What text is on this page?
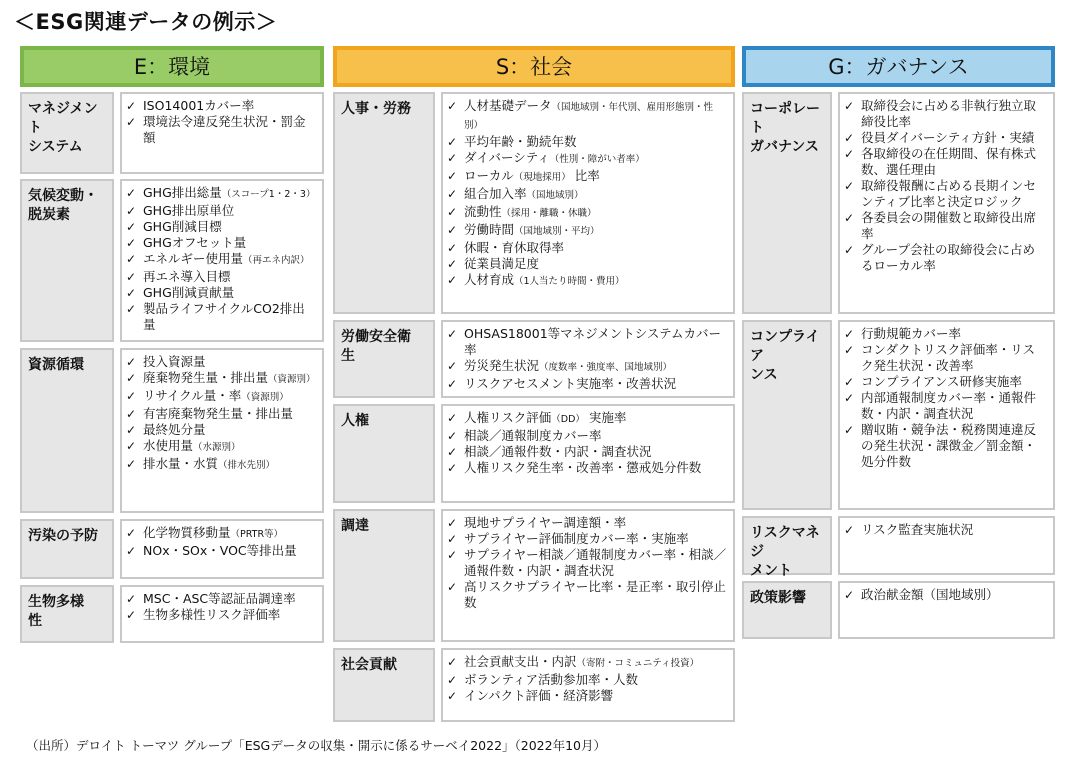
＜ESG関連データの例示＞
E：環境	S：社会	G：ガバナンス
マネジメント
システム
✓ ISO14001カバー率
✓ 環境法令違反発生状況・罰金額
気候変動・
脱炭素
✓ GHG排出総量（スコープ1・2・3）
✓ GHG排出原単位
✓ GHG削減目標
✓ GHGオフセット量
✓ エネルギー使用量（再エネ内訳）
✓ 再エネ導入目標
✓ GHG削減貢献量
✓ 製品ライフサイクルCO2排出量
資源循環	✓ 投入資源量
✓ 廃棄物発生量・排出量（資源別）
✓ リサイクル量・率（資源別）
✓ 有害廃棄物発生量・排出量
✓ 最終処分量
✓ 水使用量（水源別）
✓ 排水量・水質（排水先別）
汚染の予防	✓ 化学物質移動量（PRTR等）
✓ NOx・SOx・VOC等排出量
生物多様
性
✓ MSC・ASC等認証品調達率
✓ 生物多様性リスク評価率
人事・労務	✓ 人材基礎データ（国地域別・年代別、雇用形態別・性別）
✓ 平均年齢・勤続年数
✓ ダイバーシティ（性別・障がい者率）
✓ ローカル（現地採用） 比率
✓ 組合加入率（国地域別）
✓ 流動性（採用・離職・休職）
✓ 労働時間（国地域別・平均）
✓ 休暇・育休取得率
✓ 従業員満足度
✓ 人材育成（1人当たり時間・費用）
労働安全衛
生
✓ OHSAS18001等マネジメントシステムカバー率
✓ 労災発生状況（度数率・強度率、国地域別）
✓ リスクアセスメント実施率・改善状況
人権	✓ 人権リスク評価（DD） 実施率
✓ 相談／通報制度カバー率
✓ 相談／通報件数・内訳・調査状況
✓ 人権リスク発生率・改善率・懲戒処分件数
調達	✓ 現地サプライヤー調達額・率
✓ サプライヤー評価制度カバー率・実施率
✓ サプライヤー相談／通報制度カバー率・相談／通報件数・内訳・調査状況
✓ 高リスクサプライヤー比率・是正率・取引停止数
社会貢献	✓ 社会貢献支出・内訳（寄附・コミュニティ投資）
✓ ボランティア活動参加率・人数
✓ インパクト評価・経済影響
コーポレート
ガバナンス
✓ 取締役会に占める非執行独立取締役比率
✓ 役員ダイバーシティ方針・実績
✓ 各取締役の在任期間、保有株式数、選任理由
✓ 取締役報酬に占める長期インセンティブ比率と決定ロジック
✓ 各委員会の開催数と取締役出席率
✓ グループ会社の取締役会に占めるローカル率
コンプライア
ンス
✓ 行動規範カバー率
✓ コンダクトリスク評価率・リスク発生状況・改善率
✓ コンプライアンス研修実施率
✓ 内部通報制度カバー率・通報件数・内訳・調査状況
✓ 贈収賄・競争法・税務関連違反の発生状況・課徴金／罰金額・処分件数
リスクマネジ
メント
✓ リスク監査実施状況
政策影響	✓ 政治献金額（国地域別）
（出所）デロイト トーマツ グループ「ESGデータの収集・開示に係るサーベイ2022」（2022年10月）
